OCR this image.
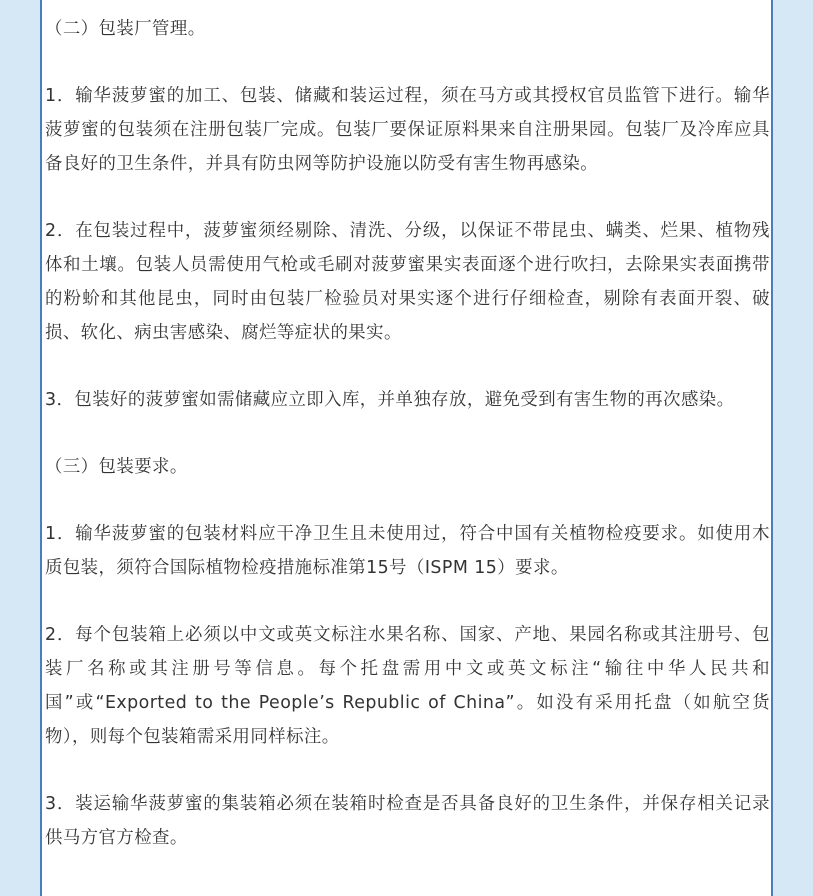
（二）包装厂管理。

1．输华菠萝蜜的加工、包装、储藏和装运过程，须在马方或其授权官员监管下进行。输华菠萝蜜的包装须在注册包装厂完成。包装厂要保证原料果来自注册果园。包装厂及冷库应具备良好的卫生条件，并具有防虫网等防护设施以防受有害生物再感染。

2．在包装过程中，菠萝蜜须经剔除、清洗、分级，以保证不带昆虫、螨类、烂果、植物残体和土壤。包装人员需使用气枪或毛刷对菠萝蜜果实表面逐个进行吹扫，去除果实表面携带的粉蚧和其他昆虫，同时由包装厂检验员对果实逐个进行仔细检查，剔除有表面开裂、破损、软化、病虫害感染、腐烂等症状的果实。

3．包装好的菠萝蜜如需储藏应立即入库，并单独存放，避免受到有害生物的再次感染。

（三）包装要求。

1．输华菠萝蜜的包装材料应干净卫生且未使用过，符合中国有关植物检疫要求。如使用木质包装，须符合国际植物检疫措施标准第15号（ISPM 15）要求。

2．每个包装箱上必须以中文或英文标注水果名称、国家、产地、果园名称或其注册号、包装厂名称或其注册号等信息。每个托盘需用中文或英文标注“输往中华人民共和国”或“Exported to the People’s Republic of China”。如没有采用托盘（如航空货物），则每个包装箱需采用同样标注。

3．装运输华菠萝蜜的集装箱必须在装箱时检查是否具备良好的卫生条件，并保存相关记录供马方官方检查。
